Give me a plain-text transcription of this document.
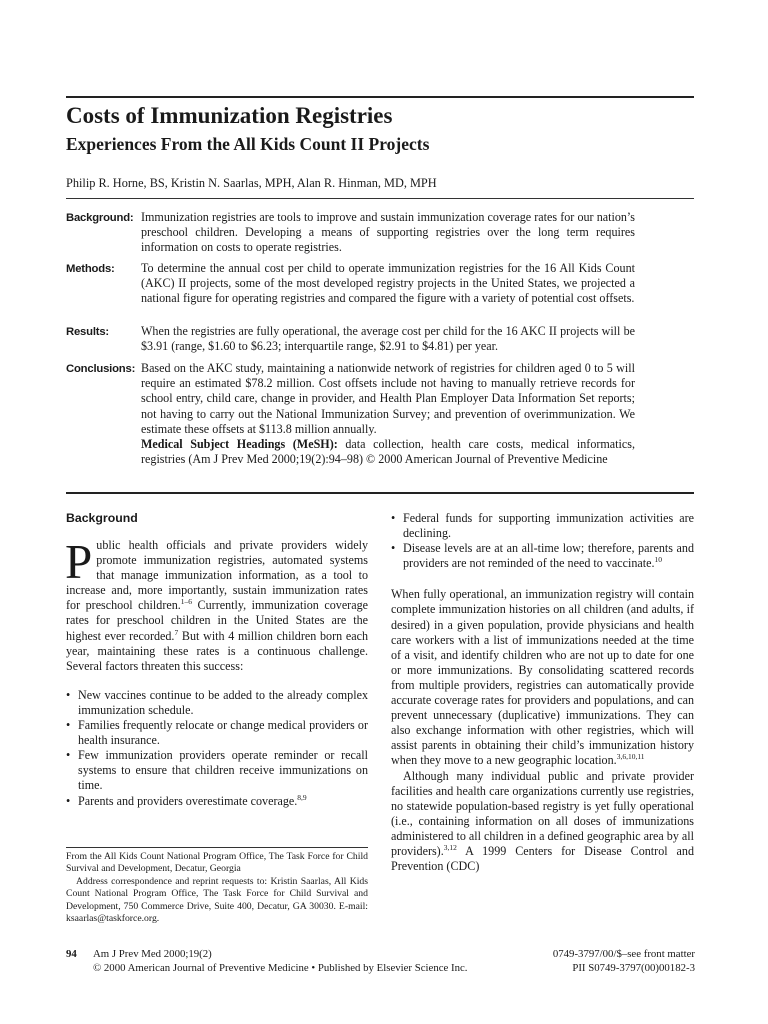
Costs of Immunization Registries
Experiences From the All Kids Count II Projects
Philip R. Horne, BS, Kristin N. Saarlas, MPH, Alan R. Hinman, MD, MPH
Background: Immunization registries are tools to improve and sustain immunization coverage rates for our nation’s preschool children. Developing a means of supporting registries over the long term requires information on costs to operate registries.
Methods: To determine the annual cost per child to operate immunization registries for the 16 All Kids Count (AKC) II projects, some of the most developed registry projects in the United States, we projected a national figure for operating registries and compared the figure with a variety of potential cost offsets.
Results:	When the registries are fully operational, the average cost per child for the 16 AKC II projects will be $3.91 (range, $1.60 to $6.23; interquartile range, $2.91 to $4.81) per year.
Conclusions: Based on the AKC study, maintaining a nationwide network of registries for children aged 0 to 5 will require an estimated $78.2 million. Cost offsets include not having to manually retrieve records for school entry, child care, change in provider, and Health Plan Employer Data Information Set reports; not having to carry out the National Immunization Survey; and prevention of overimmunization. We estimate these offsets at $113.8 million annually.
Medical Subject Headings (MeSH): data collection, health care costs, medical informatics, registries (Am J Prev Med 2000;19(2):94–98) © 2000 American Journal of Preventive Medicine
Background

Public health officials and private providers widely promote immunization registries, automated systems that manage immunization information, as a tool to increase and, more importantly, sustain immunization rates for preschool children.$^{1-6}$ Currently, immunization coverage rates for preschool children in the United States are the highest ever recorded.$^7$ But with 4 million children born each year, maintaining these rates is a continuous challenge. Several factors threaten this success:

• New vaccines continue to be added to the already complex immunization schedule.
• Families frequently relocate or change medical providers or health insurance.
• Few immunization providers operate reminder or recall systems to ensure that children receive immunizations on time.
• Parents and providers overestimate coverage.$^{8,9}$

From the All Kids Count National Program Office, The Task Force for Child Survival and Development, Decatur, Georgia

Address correspondence and reprint requests to: Kristin Saarlas, All Kids Count National Program Office, The Task Force for Child Survival and Development, 750 Commerce Drive, Suite 400, Decatur, GA 30030. E-mail: ksaarlas@taskforce.org.

• Federal funds for supporting immunization activities are declining.
• Disease levels are at an all-time low; therefore, parents and providers are not reminded of the need to vaccinate.$^{10}$

When fully operational, an immunization registry will contain complete immunization histories on all children (and adults, if desired) in a given population, provide physicians and health care workers with a list of immunizations needed at the time of a visit, and identify children who are not up to date for one or more immunizations. By consolidating scattered records from multiple providers, registries can automatically provide accurate coverage rates for providers and populations, and can prevent unnecessary (duplicative) immunizations. They can also exchange information with other registries, which will assist parents in obtaining their child’s immunization history when they move to a new geographic location.$^{3,6,10,11}$

Although many individual public and private provider facilities and health care organizations currently use registries, no statewide population-based registry is yet fully operational (i.e., containing information on all doses of immunizations administered to all children in a defined geographic area by all providers).$^{3,12}$ A 1999 Centers for Disease Control and Prevention (CDC)

94 Am J Prev Med 2000;19(2)
© 2000 American Journal of Preventive Medicine • Published by Elsevier Science Inc.
0749-3797/00/$–see front matter
PII S0749-3797(00)00182-3
